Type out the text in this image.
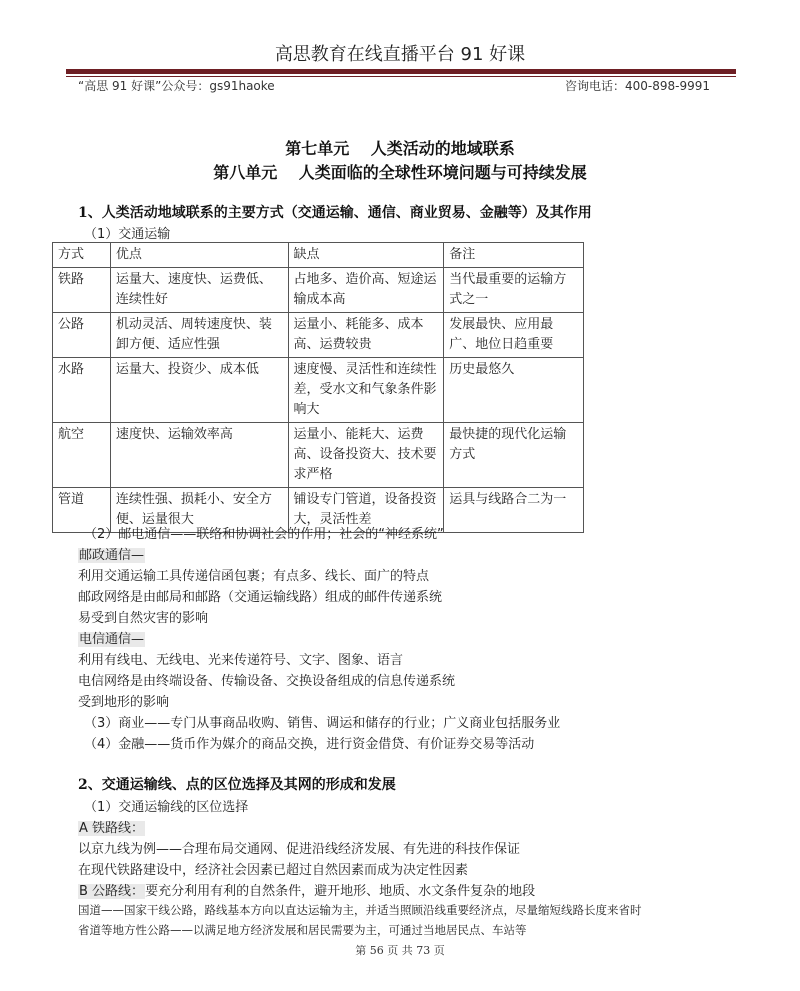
高思教育在线直播平台 91 好课
“高思 91 好课”公众号：gs91haoke	咨询电话：400-898-9991
第七单元　 人类活动的地域联系
第八单元　 人类面临的全球性环境问题与可持续发展
1、人类活动地域联系的主要方式（交通运输、通信、商业贸易、金融等）及其作用
（1）交通运输
方式	优点	缺点	备注
铁路	运量大、速度快、运费低、连续性好	占地多、造价高、短途运输成本高	当代最重要的运输方式之一
公路	机动灵活、周转速度快、装卸方便、适应性强	运量小、耗能多、成本高、运费较贵	发展最快、应用最广、地位日趋重要
水路	运量大、投资少、成本低	速度慢、灵活性和连续性差，受水文和气象条件影响大	历史最悠久
航空	速度快、运输效率高	运量小、能耗大、运费高、设备投资大、技术要求严格	最快捷的现代化运输方式
管道	连续性强、损耗小、安全方便、运量很大	铺设专门管道，设备投资大，灵活性差	运具与线路合二为一
（2）邮电通信——联络和协调社会的作用；社会的“神经系统”
邮政通信—
利用交通运输工具传递信函包裹；有点多、线长、面广的特点
邮政网络是由邮局和邮路（交通运输线路）组成的邮件传递系统
易受到自然灾害的影响
电信通信—
利用有线电、无线电、光来传递符号、文字、图象、语言
电信网络是由终端设备、传输设备、交换设备组成的信息传递系统
受到地形的影响
（3）商业——专门从事商品收购、销售、调运和储存的行业；广义商业包括服务业
（4）金融——货币作为媒介的商品交换，进行资金借贷、有价证券交易等活动
2、交通运输线、点的区位选择及其网的形成和发展
（1）交通运输线的区位选择
A 铁路线：
以京九线为例——合理布局交通网、促进沿线经济发展、有先进的科技作保证
在现代铁路建设中，经济社会因素已超过自然因素而成为决定性因素
B 公路线：要充分利用有利的自然条件，避开地形、地质、水文条件复杂的地段
国道——国家干线公路，路线基本方向以直达运输为主，并适当照顾沿线重要经济点，尽量缩短线路长度来省时
省道等地方性公路——以满足地方经济发展和居民需要为主，可通过当地居民点、车站等
第 56 页 共 73 页
